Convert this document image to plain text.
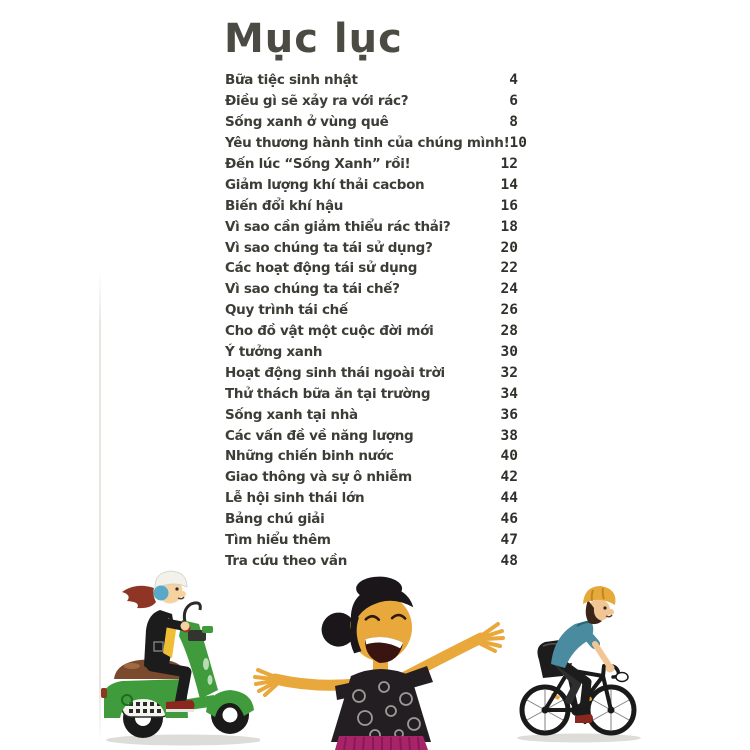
Mục lục
Bữa tiệc sinh nhật	4
Điều gì sẽ xảy ra với rác?	6
Sống xanh ở vùng quê	8
Yêu thương hành tinh của chúng mình! 10
Đến lúc “Sống Xanh” rồi!	12
Giảm lượng khí thải cacbon	14
Biến đổi khí hậu	16
Vì sao cần giảm thiểu rác thải?	18
Vì sao chúng ta tái sử dụng?	20
Các hoạt động tái sử dụng	22
Vì sao chúng ta tái chế?	24
Quy trình tái chế	26
Cho đồ vật một cuộc đời mới	28
Ý tưởng xanh	30
Hoạt động sinh thái ngoài trời	32
Thử thách bữa ăn tại trường	34
Sống xanh tại nhà	36
Các vấn đề về năng lượng	38
Những chiến binh nước	40
Giao thông và sự ô nhiễm	42
Lễ hội sinh thái lớn	44
Bảng chú giải	46
Tìm hiểu thêm	47
Tra cứu theo vần	48
